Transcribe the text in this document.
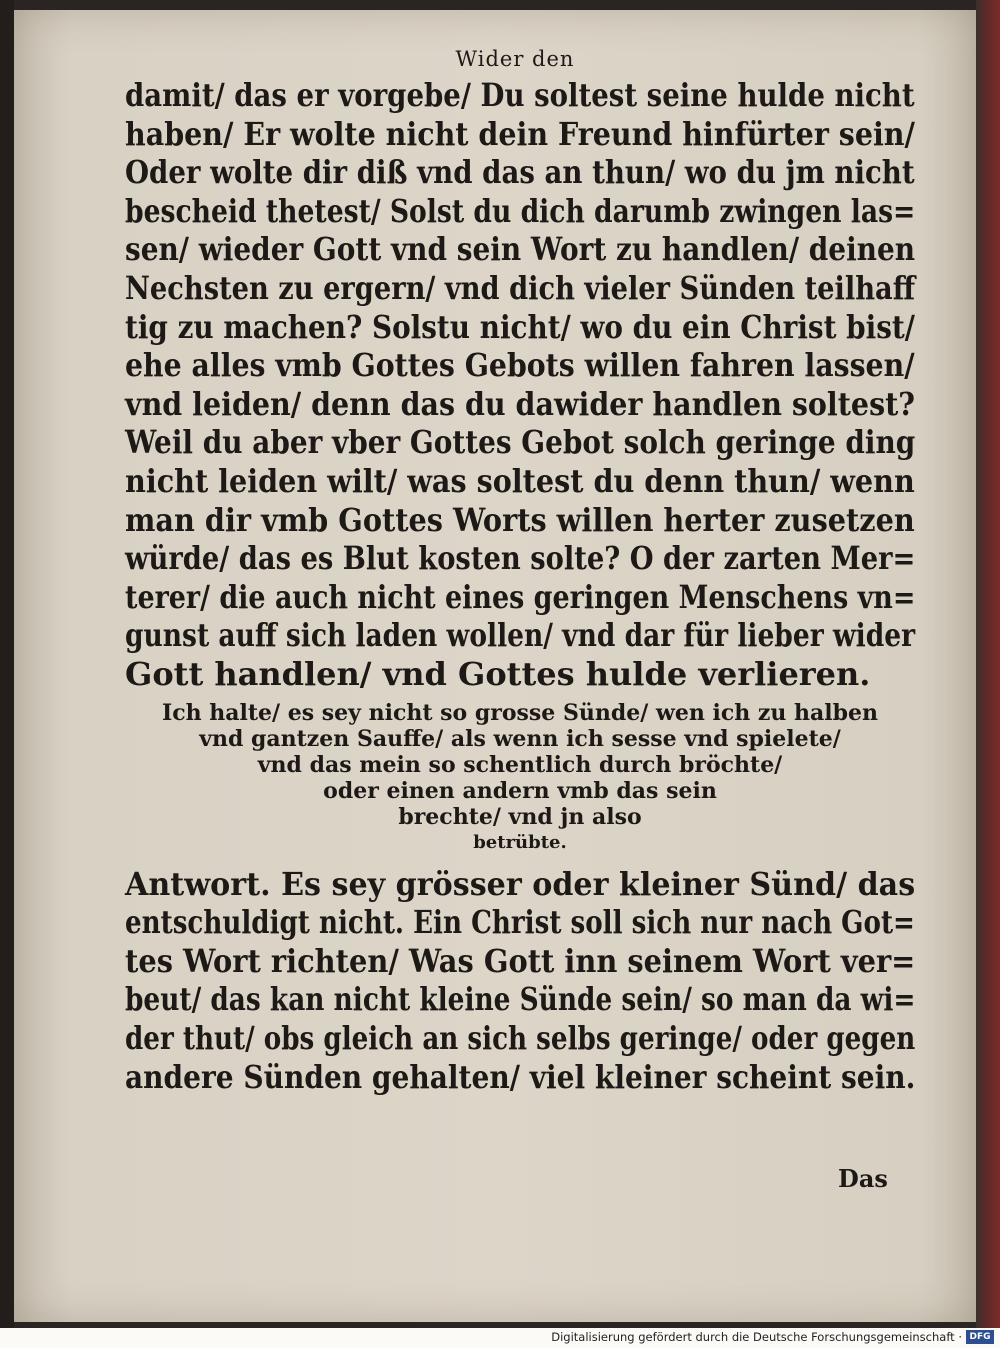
Wider den
damit/ das er vorgebe/ Du soltest seine hulde nicht
haben/ Er wolte nicht dein Freund hinfürter sein/
Oder wolte dir diß vnd das an thun/ wo du jm nicht
bescheid thetest/ Solst du dich darumb zwingen las=
sen/ wieder Gott vnd sein Wort zu handlen/ deinen
Nechsten zu ergern/ vnd dich vieler Sünden teilhaff
tig zu machen? Solstu nicht/ wo du ein Christ bist/
ehe alles vmb Gottes Gebots willen fahren lassen/
vnd leiden/ denn das du dawider handlen soltest?
Weil du aber vber Gottes Gebot solch geringe ding
nicht leiden wilt/ was soltest du denn thun/ wenn
man dir vmb Gottes Worts willen herter zusetzen
würde/ das es Blut kosten solte? O der zarten Mer=
terer/ die auch nicht eines geringen Menschens vn=
gunst auff sich laden wollen/ vnd dar für lieber wider
Gott handlen/ vnd Gottes hulde verlieren.
Ich halte/ es sey nicht so grosse Sünde/ wen ich zu halben
vnd gantzen Sauffe/ als wenn ich sesse vnd spielete/
vnd das mein so schentlich durch bröchte/
oder einen andern vmb das sein
brechte/ vnd jn also
betrübte.
Antwort. Es sey grösser oder kleiner Sünd/ das
entschuldigt nicht. Ein Christ soll sich nur nach Got=
tes Wort richten/ Was Gott inn seinem Wort ver=
beut/ das kan nicht kleine Sünde sein/ so man da wi=
der thut/ obs gleich an sich selbs geringe/ oder gegen
andere Sünden gehalten/ viel kleiner scheint sein.
Das
Digitalisierung gefördert durch die Deutsche Forschungsgemeinschaft · DFG
